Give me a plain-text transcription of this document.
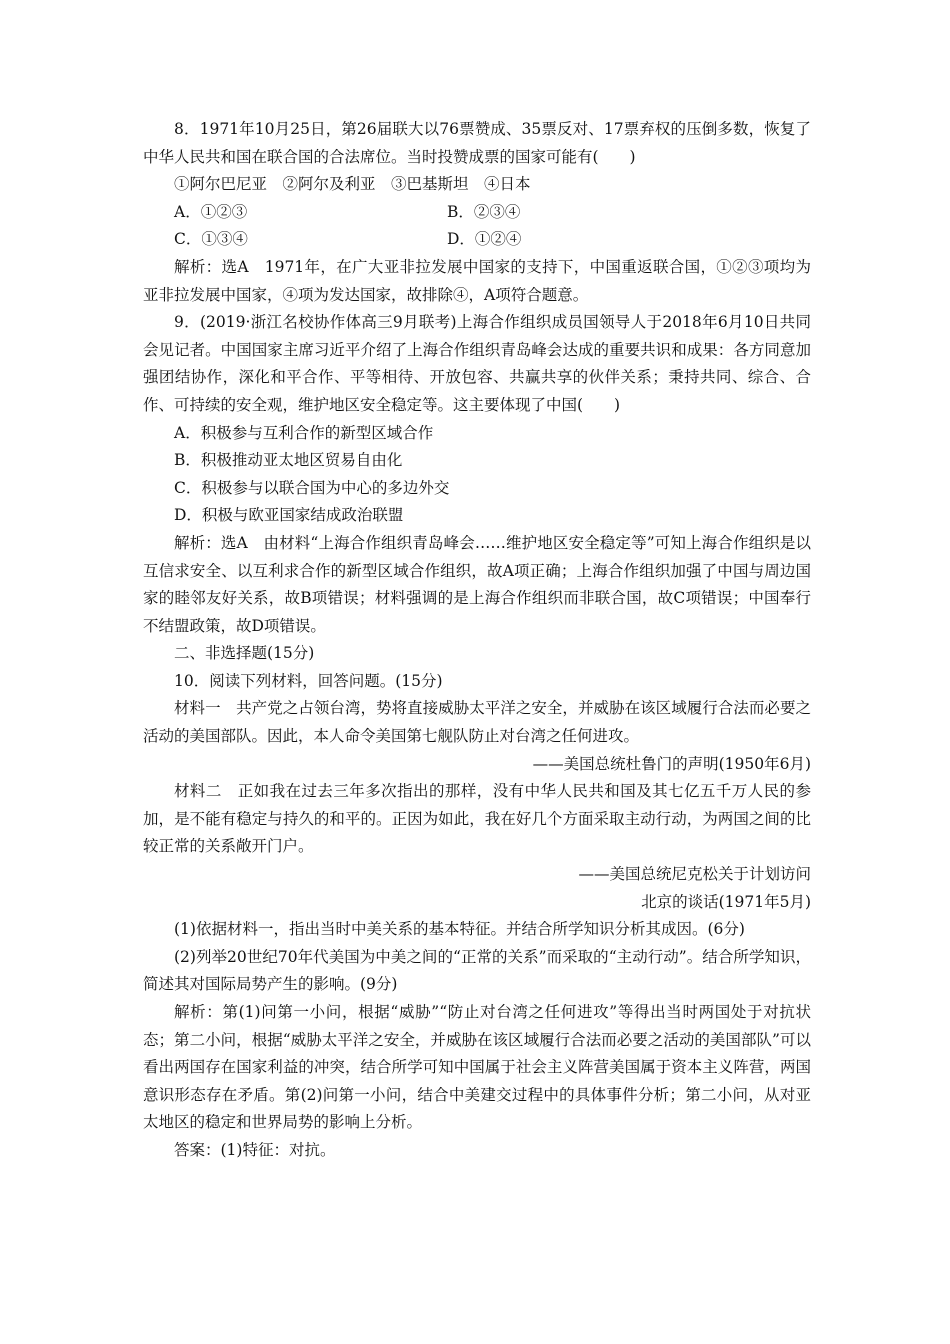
8．1971年10月25日，第26届联大以76票赞成、35票反对、17票弃权的压倒多数，恢复了中华人民共和国在联合国的合法席位。当时投赞成票的国家可能有(　　)

①阿尔巴尼亚　②阿尔及利亚　③巴基斯坦　④日本

A．①②③	B．②③④
C．①③④	D．①②④

解析：选A　1971年，在广大亚非拉发展中国家的支持下，中国重返联合国，①②③项均为亚非拉发展中国家，④项为发达国家，故排除④，A项符合题意。

9．(2019·浙江名校协作体高三9月联考)上海合作组织成员国领导人于2018年6月10日共同会见记者。中国国家主席习近平介绍了上海合作组织青岛峰会达成的重要共识和成果：各方同意加强团结协作，深化和平合作、平等相待、开放包容、共赢共享的伙伴关系；秉持共同、综合、合作、可持续的安全观，维护地区安全稳定等。这主要体现了中国(　　)

A．积极参与互利合作的新型区域合作

B．积极推动亚太地区贸易自由化

C．积极参与以联合国为中心的多边外交

D．积极与欧亚国家结成政治联盟

解析：选A　由材料“上海合作组织青岛峰会……维护地区安全稳定等”可知上海合作组织是以互信求安全、以互利求合作的新型区域合作组织，故A项正确；上海合作组织加强了中国与周边国家的睦邻友好关系，故B项错误；材料强调的是上海合作组织而非联合国，故C项错误；中国奉行不结盟政策，故D项错误。

二、非选择题(15分)

10．阅读下列材料，回答问题。(15分)

材料一　共产党之占领台湾，势将直接威胁太平洋之安全，并威胁在该区域履行合法而必要之活动的美国部队。因此，本人命令美国第七舰队防止对台湾之任何进攻。

——美国总统杜鲁门的声明(1950年6月)

材料二　正如我在过去三年多次指出的那样，没有中华人民共和国及其七亿五千万人民的参加，是不能有稳定与持久的和平的。正因为如此，我在好几个方面采取主动行动，为两国之间的比较正常的关系敞开门户。

——美国总统尼克松关于计划访问

北京的谈话(1971年5月)

(1)依据材料一，指出当时中美关系的基本特征。并结合所学知识分析其成因。(6分)

(2)列举20世纪70年代美国为中美之间的“正常的关系”而采取的“主动行动”。结合所学知识，简述其对国际局势产生的影响。(9分)

解析：第(1)问第一小问，根据“威胁”“防止对台湾之任何进攻”等得出当时两国处于对抗状态；第二小问，根据“威胁太平洋之安全，并威胁在该区域履行合法而必要之活动的美国部队”可以看出两国存在国家利益的冲突，结合所学可知中国属于社会主义阵营美国属于资本主义阵营，两国意识形态存在矛盾。第(2)问第一小问，结合中美建交过程中的具体事件分析；第二小问，从对亚太地区的稳定和世界局势的影响上分析。

答案：(1)特征：对抗。
